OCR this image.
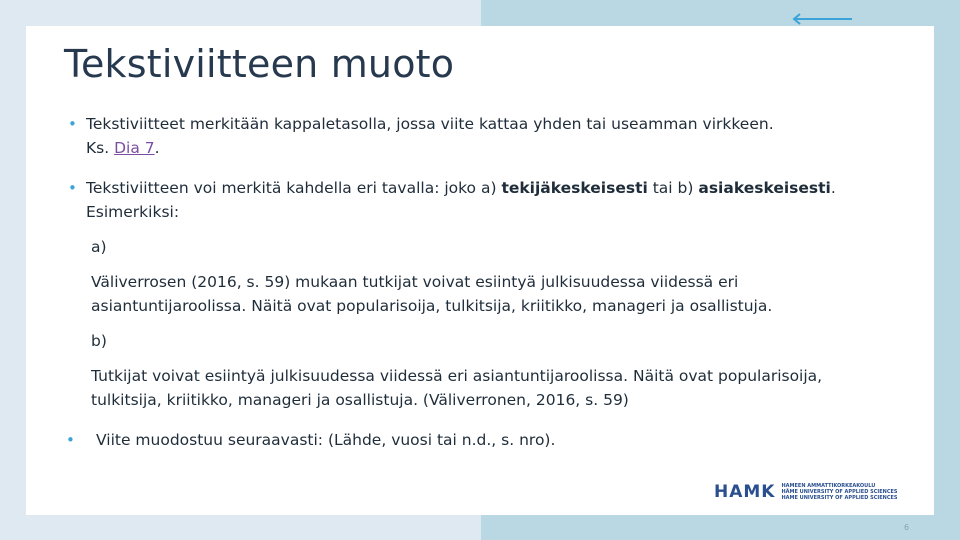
Tekstiviitteen muoto
• Tekstiviitteet merkitään kappaletasolla, jossa viite kattaa yhden tai useamman virkkeen.
Ks. Dia 7.
• Tekstiviitteen voi merkitä kahdella eri tavalla: joko a) tekijäkeskeisesti tai b) asiakeskeisesti.
Esimerkiksi:
a)
Väliverrosen (2016, s. 59) mukaan tutkijat voivat esiintyä julkisuudessa viidessä eri
asiantuntijaroolissa. Näitä ovat popularisoija, tulkitsija, kriitikko, manageri ja osallistuja.
b)
Tutkijat voivat esiintyä julkisuudessa viidessä eri asiantuntijaroolissa. Näitä ovat popularisoija,
tulkitsija, kriitikko, manageri ja osallistuja. (Väliverronen, 2016, s. 59)
•	Viite muodostuu seuraavasti: (Lähde, vuosi tai n.d., s. nro).
HAMK HAMEEN AMMATTIKORKEAKOULU
HÄME UNIVERSITY OF APPLIED SCIENCES
HAME UNIVERSITY OF APPLIED SCIENCES
6
